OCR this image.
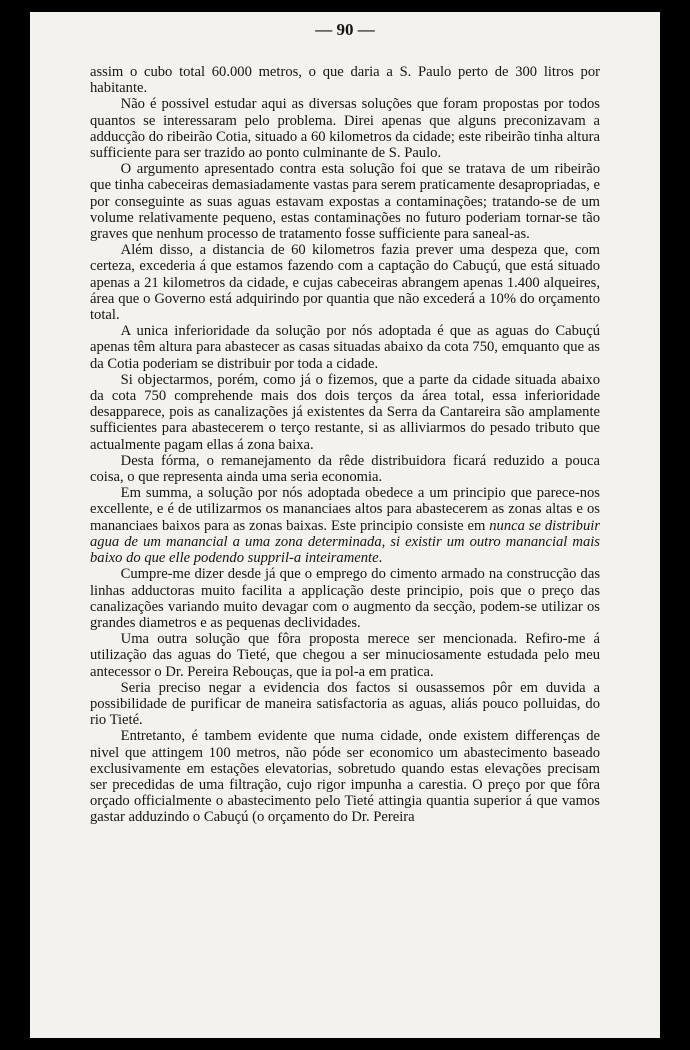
— 90 —

assim o cubo total 60.000 metros, o que daria a S. Paulo perto de 300 litros por habitante.

Não é possivel estudar aqui as diversas soluções que foram propostas por todos quantos se interessaram pelo problema. Direi apenas que alguns preconizavam a adducção do ribeirão Cotia, situado a 60 kilometros da cidade; este ribeirão tinha altura sufficiente para ser trazido ao ponto culminante de S. Paulo.

O argumento apresentado contra esta solução foi que se tratava de um ribeirão que tinha cabeceiras demasiadamente vastas para serem praticamente desapropriadas, e por conseguinte as suas aguas estavam expostas a contaminações; tratando-se de um volume relativamente pequeno, estas contaminações no futuro poderiam tornar-se tão graves que nenhum processo de tratamento fosse sufficiente para saneal-as.

Além disso, a distancia de 60 kilometros fazia prever uma despeza que, com certeza, excederia á que estamos fazendo com a captação do Cabuçú, que está situado apenas a 21 kilometros da cidade, e cujas cabeceiras abrangem apenas 1.400 alqueires, área que o Governo está adquirindo por quantia que não excederá a 10% do orçamento total.

A unica inferioridade da solução por nós adoptada é que as aguas do Cabuçú apenas têm altura para abastecer as casas situadas abaixo da cota 750, emquanto que as da Cotia poderiam se distribuir por toda a cidade.

Si objectarmos, porém, como já o fizemos, que a parte da cidade situada abaixo da cota 750 comprehende mais dos dois terços da área total, essa inferioridade desapparece, pois as canalizações já existentes da Serra da Cantareira são amplamente sufficientes para abastecerem o terço restante, si as alliviarmos do pesado tributo que actualmente pagam ellas á zona baixa.

Desta fórma, o remanejamento da rêde distribuidora ficará reduzido a pouca coisa, o que representa ainda uma seria economia.

Em summa, a solução por nós adoptada obedece a um principio que parece-nos excellente, e é de utilizarmos os mananciaes altos para abastecerem as zonas altas e os mananciaes baixos para as zonas baixas. Este principio consiste em nunca se distribuir agua de um manancial a uma zona determinada, si existir um outro manancial mais baixo do que elle podendo suppril-a inteiramente.

Cumpre-me dizer desde já que o emprego do cimento armado na construcção das linhas adductoras muito facilita a applicação deste principio, pois que o preço das canalizações variando muito devagar com o augmento da secção, podem-se utilizar os grandes diametros e as pequenas declividades.

Uma outra solução que fôra proposta merece ser mencionada. Refiro-me á utilização das aguas do Tieté, que chegou a ser minuciosamente estudada pelo meu antecessor o Dr. Pereira Rebouças, que ia pol-a em pratica.

Seria preciso negar a evidencia dos factos si ousassemos pôr em duvida a possibilidade de purificar de maneira satisfactoria as aguas, aliás pouco polluidas, do rio Tieté.

Entretanto, é tambem evidente que numa cidade, onde existem differenças de nivel que attingem 100 metros, não póde ser economico um abastecimento baseado exclusivamente em estações elevatorias, sobretudo quando estas elevações precisam ser precedidas de uma filtração, cujo rigor impunha a carestia. O preço por que fôra orçado officialmente o abastecimento pelo Tieté attingia quantia superior á que vamos gastar adduzindo o Cabuçú (o orçamento do Dr. Pereira
